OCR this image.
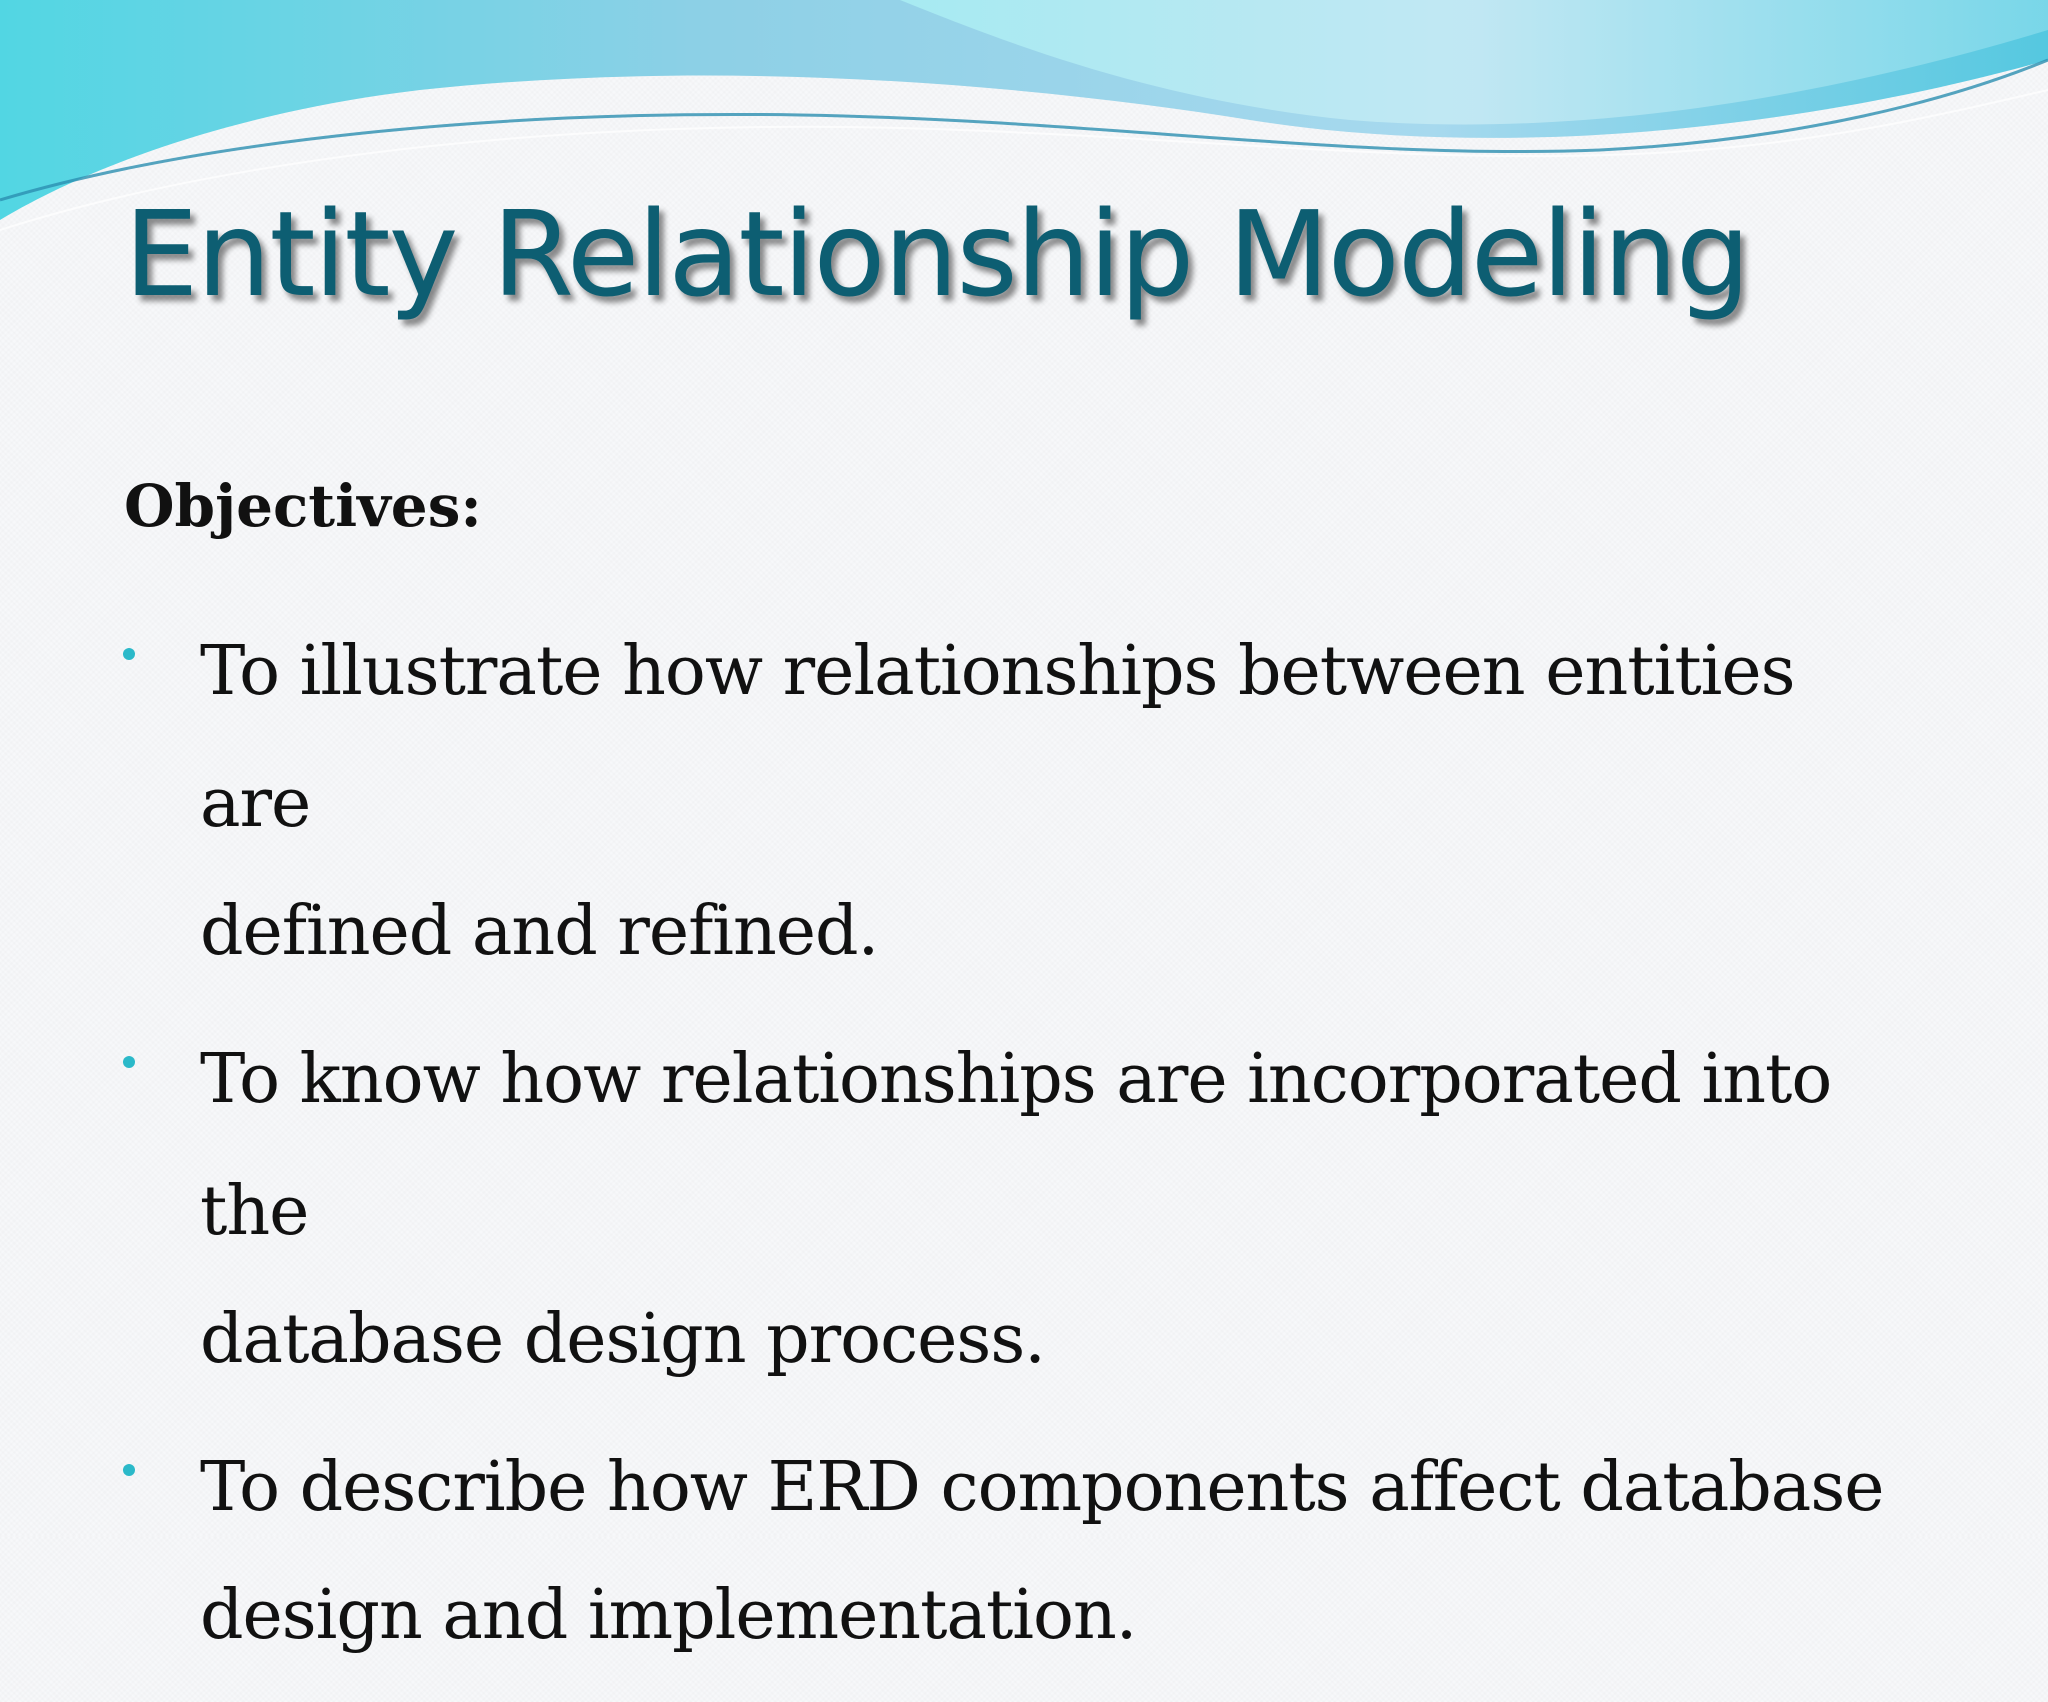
Entity Relationship Modeling
Objectives:
To illustrate how relationships between entities are
defined and refined.
To know how relationships are incorporated into the
database design process.
To describe how ERD components affect database
design and implementation.
